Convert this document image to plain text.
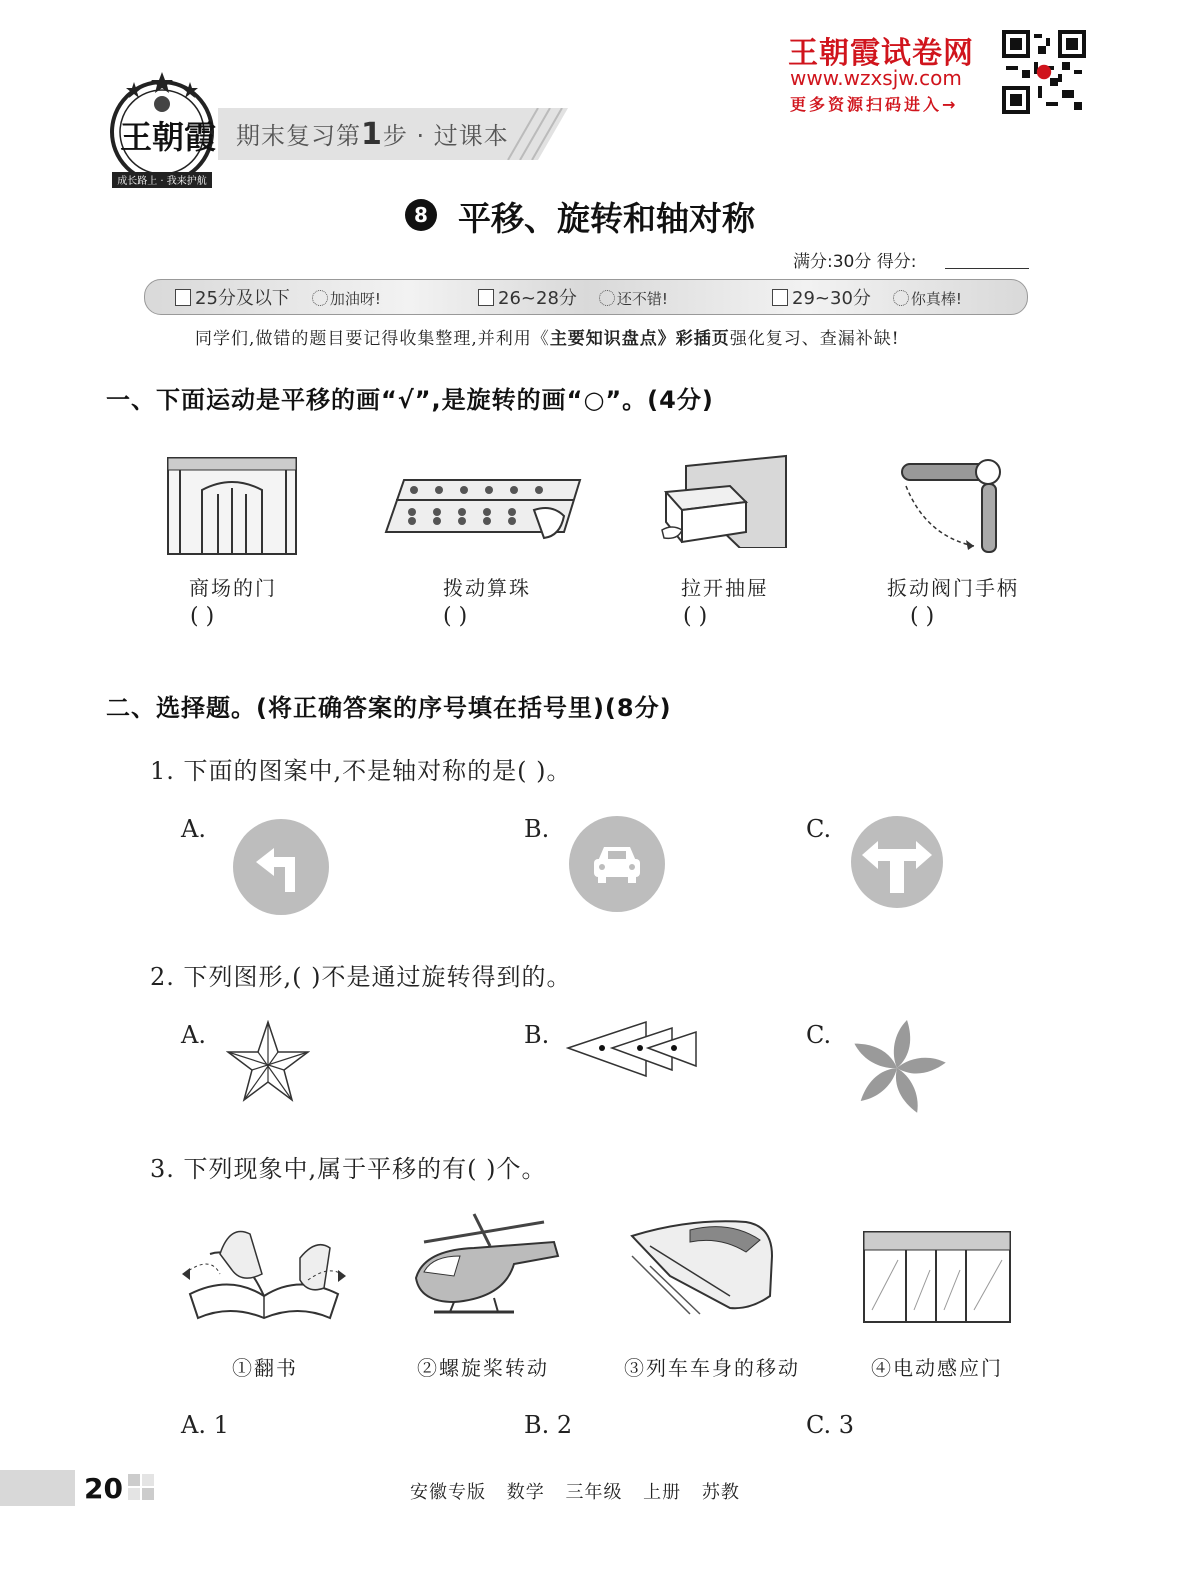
成长路上 · 我来护航
王朝霞 期末复习第1步 · 过课本
王朝霞试卷网
www.wzxsjw.com
更多资源扫码进入→
8 平移、旋转和轴对称
满分:30分 得分:
25分及以下	加油呀!	26~28分	还不错!	29~30分	你真棒!
同学们,做错的题目要记得收集整理,并利用《主要知识盘点》彩插页强化复习、查漏补缺!
一、下面运动是平移的画“√”,是旋转的画“○”。(4分)
商场的门	拨动算珠	拉开抽屉	扳动阀门手柄
( )	( )	( )	( )
二、选择题。(将正确答案的序号填在括号里)(8分)
1. 下面的图案中,不是轴对称的是( )。
A.	B.	C.
2. 下列图形,( )不是通过旋转得到的。
A.	B.	C.
3. 下列现象中,属于平移的有( )个。
①翻书	②螺旋桨转动	③列车车身的移动	④电动感应门
A. 1	B. 2	C. 3
20	安徽专版 数学 三年级 上册 苏教
